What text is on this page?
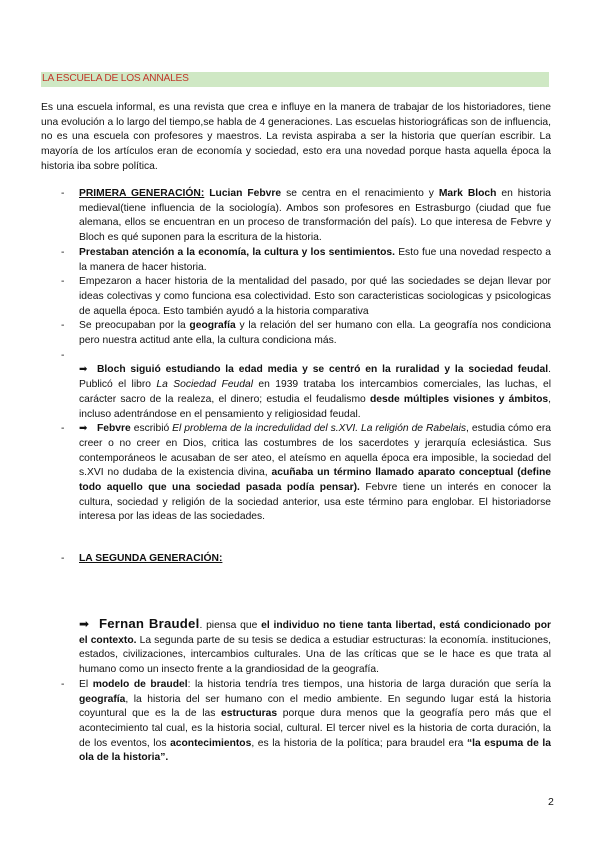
LA ESCUELA DE LOS ANNALES
Es una escuela informal, es una revista que crea e influye en la manera de trabajar de los historiadores, tiene una evolución a lo largo del tiempo,se habla de 4 generaciones. Las escuelas historiográficas son de influencia, no es una escuela con profesores y maestros. La revista aspiraba a ser la historia que querían escribir. La mayoría de los artículos eran de economía y sociedad, esto era una novedad porque hasta aquella época la historia iba sobre política.
-	PRIMERA GENERACIÓN: Lucian Febvre se centra en el renacimiento y Mark Bloch en historia medieval(tiene influencia de la sociología). Ambos son profesores en Estrasburgo (ciudad que fue alemana, ellos se encuentran en un proceso de transformación del país). Lo que interesa de Febvre y Bloch es qué suponen para la escritura de la historia.
-	Prestaban atención a la economía, la cultura y los sentimientos. Esto fue una novedad respecto a la manera de hacer historia.
-	Empezaron a hacer historia de la mentalidad del pasado, por qué las sociedades se dejan llevar por ideas colectivas y como funciona esa colectividad. Esto son caracteristicas sociologicas y psicologicas de aquella época. Esto también ayudó a la historia comparativa
-	Se preocupaban por la geografía y la relación del ser humano con ella. La geografía nos condiciona pero nuestra actitud ante ella, la cultura condiciona más.
-

➡ Bloch siguió estudiando la edad media y se centró en la ruralidad y la sociedad feudal. Publicó el libro La Sociedad Feudal en 1939 trataba los intercambios comerciales, las luchas, el carácter sacro de la realeza, el dinero; estudia el feudalismo desde múltiples visiones y ámbitos, incluso adentrándose en el pensamiento y religiosidad feudal.
-	➡ Febvre escribió El problema de la incredulidad del s.XVI. La religión de Rabelais, estudia cómo era creer o no creer en Dios, critica las costumbres de los sacerdotes y jerarquía eclesiástica. Sus contemporáneos le acusaban de ser ateo, el ateísmo en aquella época era imposible, la sociedad del s.XVI no dudaba de la existencia divina, acuñaba un término llamado aparato conceptual (define todo aquello que una sociedad pasada podía pensar). Febvre tiene un interés en conocer la cultura, sociedad y religión de la sociedad anterior, usa este término para englobar. El historiadorse interesa por las ideas de las sociedades.
-	LA SEGUNDA GENERACIÓN:
➡ Fernan Braudel. piensa que el individuo no tiene tanta libertad, está condicionado por el contexto. La segunda parte de su tesis se dedica a estudiar estructuras: la economía. instituciones, estados, civilizaciones, intercambios culturales. Una de las críticas que se le hace es que trata al humano como un insecto frente a la grandiosidad de la geografía.
-	El modelo de braudel: la historia tendría tres tiempos, una historia de larga duración que sería la geografía, la historia del ser humano con el medio ambiente. En segundo lugar está la historia coyuntural que es la de las estructuras porque dura menos que la geografía pero más que el acontecimiento tal cual, es la historia social, cultural. El tercer nivel es la historia de corta duración, la de los eventos, los acontecimientos, es la historia de la política; para braudel era “la espuma de la ola de la historia”.
2
